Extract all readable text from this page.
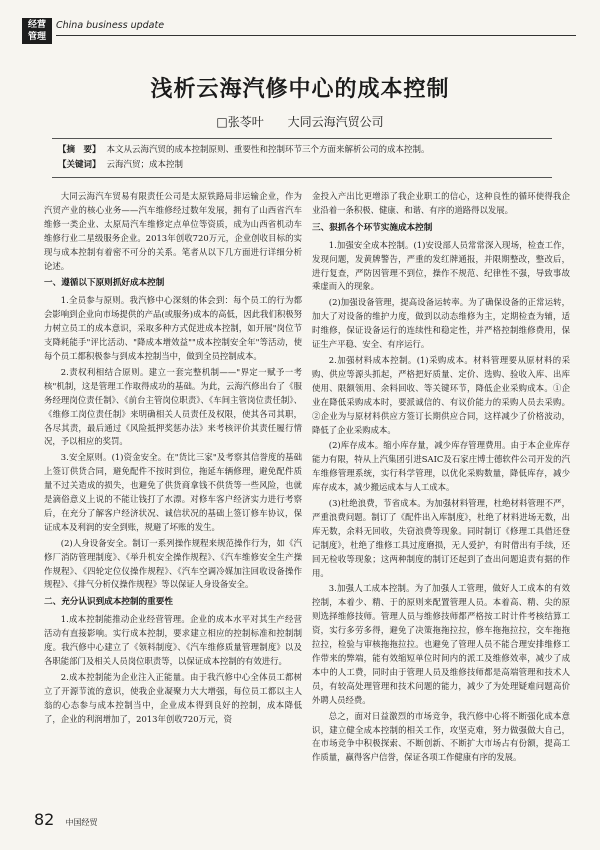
经营
管理
China business update
浅析云海汽修中心的成本控制
□张苓叶 大同云海汽贸公司
【摘　要】 本文从云海汽贸的成本控制原则、重要性和控制环节三个方面来解析公司的成本控制。
【关键词】 云海汽贸；成本控制

大同云海汽车贸易有限责任公司是太原铁路局非运输企业，作为汽贸产业的核心业务——汽车维修经过数年发展，拥有了山西省汽车维修一类企业、太原局汽车维修定点单位等资质，成为山西省机动车维修行业二星级服务企业。2013年创收720万元，企业创收目标的实现与成本控制有着密不可分的关系。笔者从以下几方面进行详细分析论述。

一、遵循以下原则抓好成本控制

1.全员参与原则。我汽修中心深刻的体会到：每个员工的行为都会影响到企业向市场提供的产品(或服务)成本的高低，因此我们积极努力树立员工的成本意识，采取多种方式促进成本控制，如开展"岗位节支降耗能手"评比活动、"降成本增效益""成本控制安全年"等活动，使每个员工都积极参与到成本控制当中，做到全员控制成本。

2.责权利相结合原则。建立一套完整机制——"界定一赋予一考核"机制，这是管理工作取得成功的基础。为此，云海汽修出台了《服务经理岗位责任制》、《前台主管岗位职责》、《车间主管岗位责任制》、《维修工岗位责任制》来明确相关人员责任及权限，使其各司其职，各尽其责，最后通过《风险抵押奖惩办法》来考核评价其责任履行情况，予以相应的奖罚。

3.安全原则。(1)资金安全。在"货比三家"及考察其信誉度的基础上签订供货合同，避免配件不按时到位，拖延车辆修理，避免配件质量不过关造成的损失，也避免了供货商拿钱不供货等一些风险，也就是滴俗意义上说的不能让钱打了水漂。对修车客户经济实力进行考察后，在充分了解客户经济状况、诚信状况的基础上签订修车协议，保证成本及利润的安全到账，规避了坏账的发生。

(2)人身设备安全。制订一系列操作规程来规范操作行为，如《汽修厂消防管理制度》、《举升机安全操作规程》、《汽车维修安全生产操作规程》、《四轮定位仪操作规程》、《汽车空调冷媒加注回收设备操作规程》、《排气分析仪操作规程》等以保证人身设备安全。

二、充分认识到成本控制的重要性

1.成本控制能推动企业经营管理。企业的成本水平对其生产经营活动有直接影响。实行成本控制，要求建立相应的控制标准和控制制度。我汽修中心建立了《领料制度》、《汽车维修质量管理制度》以及各职能部门及相关人员岗位职责等，以保证成本控制的有效进行。

2.成本控制能为企业注入正能量。由于我汽修中心全体员工都树立了开源节流的意识，使我企业凝聚力大大增强，每位员工都以主人翁的心态参与成本控制当中，企业成本得到良好的控制，成本降低了，企业的利润增加了，2013年创收720万元，资

金投入产出比更增添了我企业职工的信心，这种良性的循环使得我企业沿着一条积极、健康、和谐、有序的道路得以发展。

三、狠抓各个环节实施成本控制

1.加强安全成本控制。(1)安设部人员常常深入现场，检查工作，发现问题，发黄牌警告，严重的发红牌通报，并限期整改，整改后，进行复查，严防因管理不到位，操作不规范、纪律性不强，导致事故乘虚而入的现象。

(2)加强设备管理，提高设备运转率。为了确保设备的正常运转，加大了对设备的维护力度，做到以动态维修为主，定期检查为辅，适时维修，保证设备运行的连续性和稳定性，并严格控制维修费用，保证生产平稳、安全、有序运行。

2.加强材料成本控制。(1)采购成本。材料管理要从原材料的采购、供应等源头抓起，严格把好质量、定价、选购、验收入库、出库使用、限额领用、余料回收、等关键环节，降低企业采购成本。①企业在降低采购成本时，要派诚信的、有议价能力的采购人员去采购。②企业为与原材料供应方签订长期供应合同，这样减少了价格波动，降低了企业采购成本。

(2)库存成本。缩小库存量，减少库存管理费用。由于本企业库存能力有限，特从上汽集团引进SAIC及石家庄博士德软件公司开发的汽车维修管理系统，实行科学管理，以优化采购数量，降低库存，减少库存成本，减少搬运成本与人工成本。

(3)杜绝浪费，节省成本。为加强材料管理，杜绝材料管理不严，严重浪费问题。制订了《配件出入库制度》，杜绝了材料进场无数，出库无数，余料无回收，失窃浪费等现象。同时制订《修理工具借还登记制度》，杜绝了维修工具过度磨损，无人爱护，有时借出有手续，还回无检收等现象；这两种制度的制订还起到了查出问题追责有据的作用。

3.加强人工成本控制。为了加强人工管理，做好人工成本的有效控制，本着少、精、于的原则来配置管理人员。本着高、精、尖的原则选择维修技师。管理人员与维修技师都严格按工时计件考核结算工资，实行多劳多得，避免了决策拖拖拉拉，修车拖拖拉拉，交车拖拖拉拉，检验与审核拖拖拉拉。也避免了管理人员不能合理安排维修工作带来的弊端，能有效缩短单位时间内的派工及维修效率，减少了成本中的人工费，同时由于管理人员及维修技师都是高端管理和技术人员，有较高处理管理和技术问题的能力，减少了为处理疑难问题高价外聘人员经费。

总之，面对日益激烈的市场竞争，我汽修中心将不断强化成本意识，建立健全成本控制的相关工作，攻坚克难，努力做强做大自己，在市场竞争中积极探索、不断创新、不断扩大市场占有份额，提高工作质量，赢得客户信誉，保证各项工作健康有序的发展。

82 中国经贸
